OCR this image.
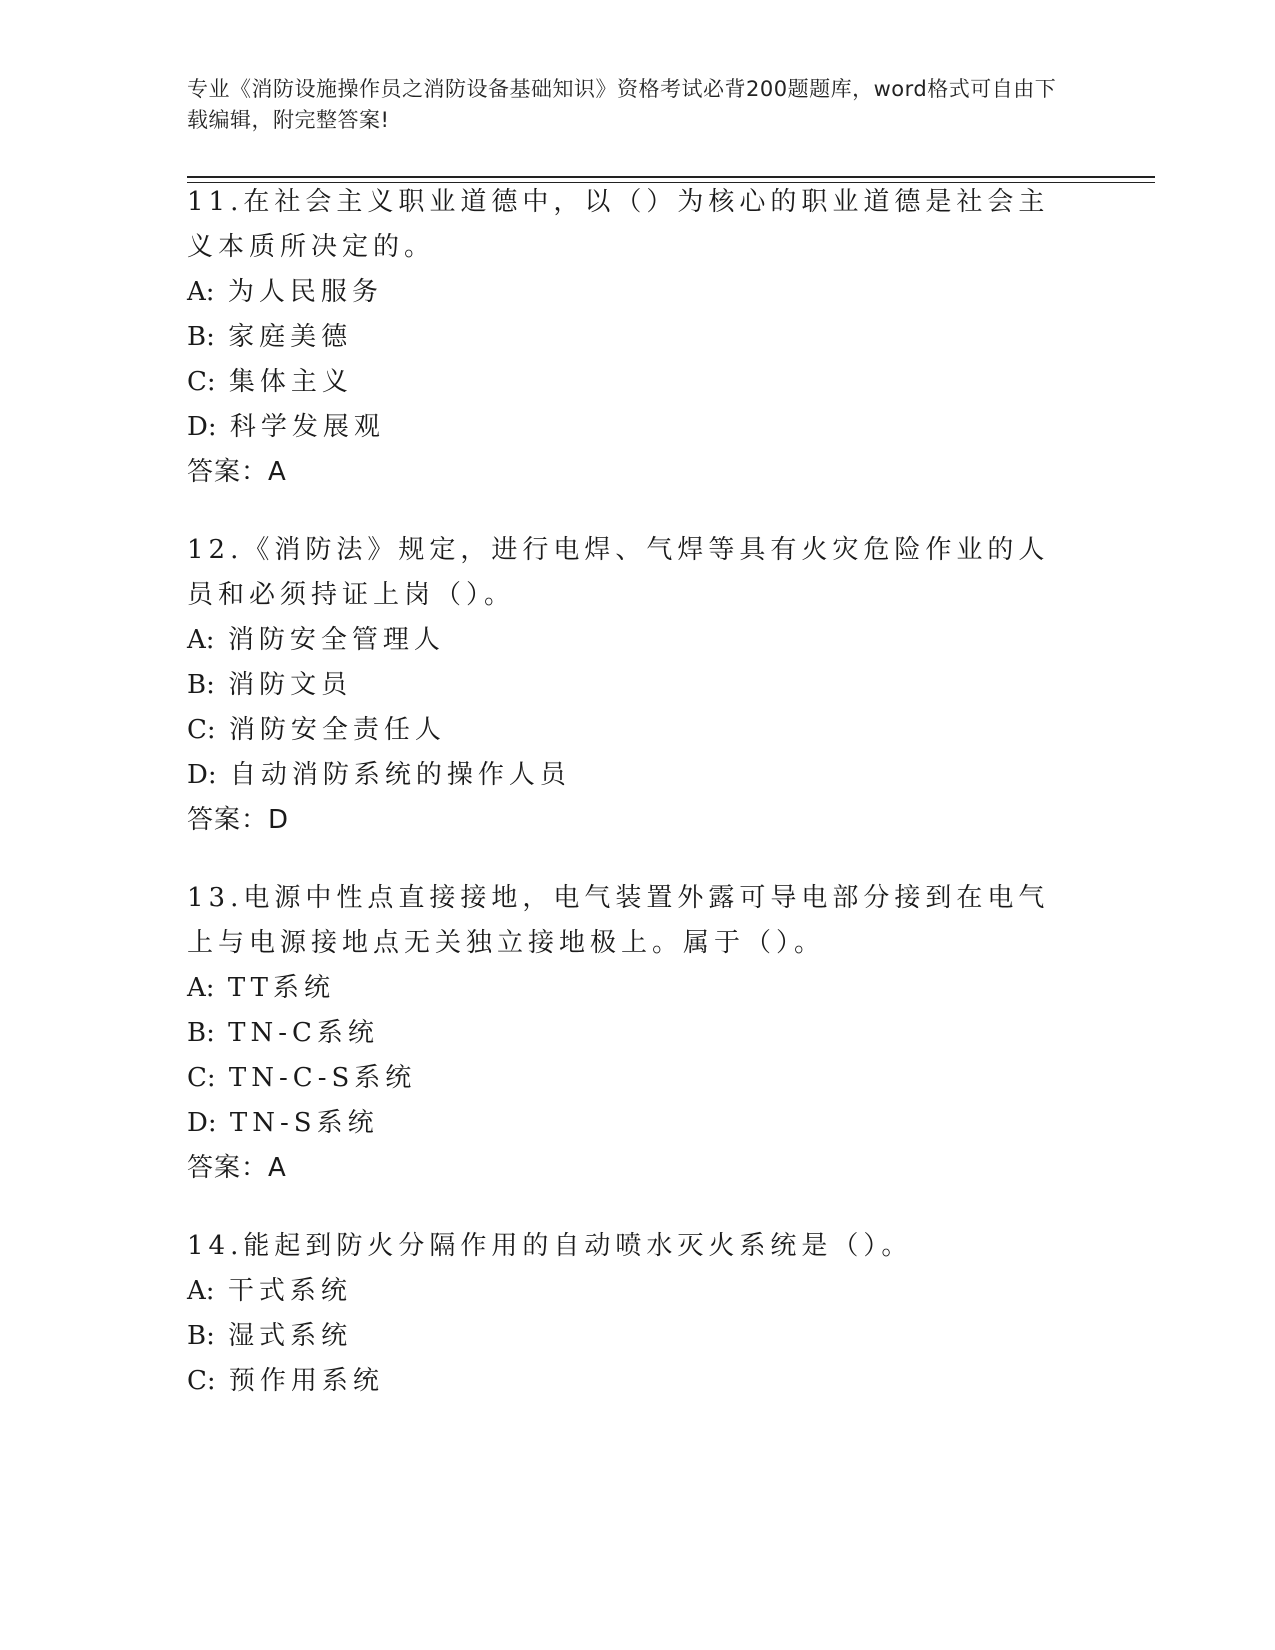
专业《消防设施操作员之消防设备基础知识》资格考试必背200题题库，word格式可自由下载编辑，附完整答案!

11.在社会主义职业道德中，以（）为核心的职业道德是社会主义本质所决定的。

A: 为人民服务

B: 家庭美德

C: 集体主义

D: 科学发展观

答案：A

12.《消防法》规定，进行电焊、气焊等具有火灾危险作业的人员和必须持证上岗（）。

A: 消防安全管理人

B: 消防文员

C: 消防安全责任人

D: 自动消防系统的操作人员

答案：D

13.电源中性点直接接地，电气装置外露可导电部分接到在电气上与电源接地点无关独立接地极上。属于（）。

A: TT系统

B: TN-C系统

C: TN-C-S系统

D: TN-S系统

答案：A

14.能起到防火分隔作用的自动喷水灭火系统是（）。

A: 干式系统

B: 湿式系统

C: 预作用系统
